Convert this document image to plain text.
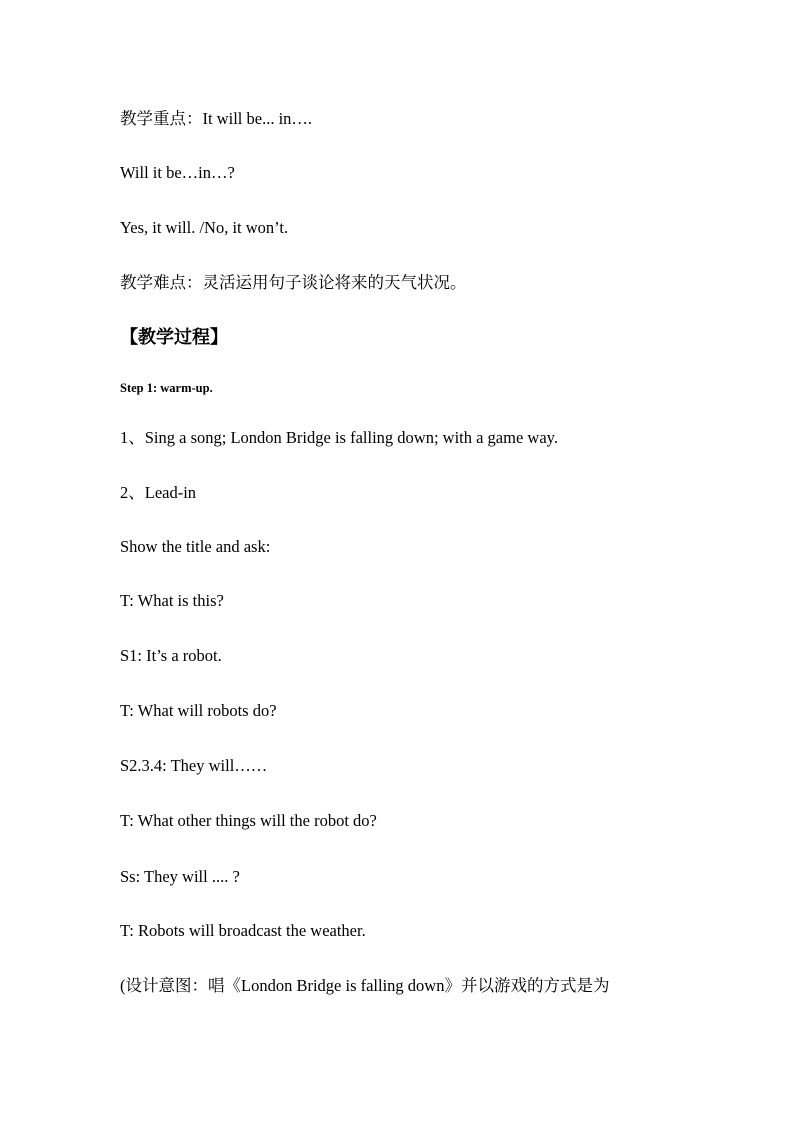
教学重点：It will be... in….
Will it be…in…?
Yes, it will. /No, it won’t.
教学难点：灵活运用句子谈论将来的天气状况。
【教学过程】
Step 1: warm-up.
1、Sing a song; London Bridge is falling down; with a game way.
2、Lead-in
Show the title and ask:
T: What is this?
S1: It’s a robot.
T: What will robots do?
S2.3.4: They will……
T: What other things will the robot do?
Ss: They will .... ?
T: Robots will broadcast the weather.
(设计意图：唱《London Bridge is falling down》并以游戏的方式是为
